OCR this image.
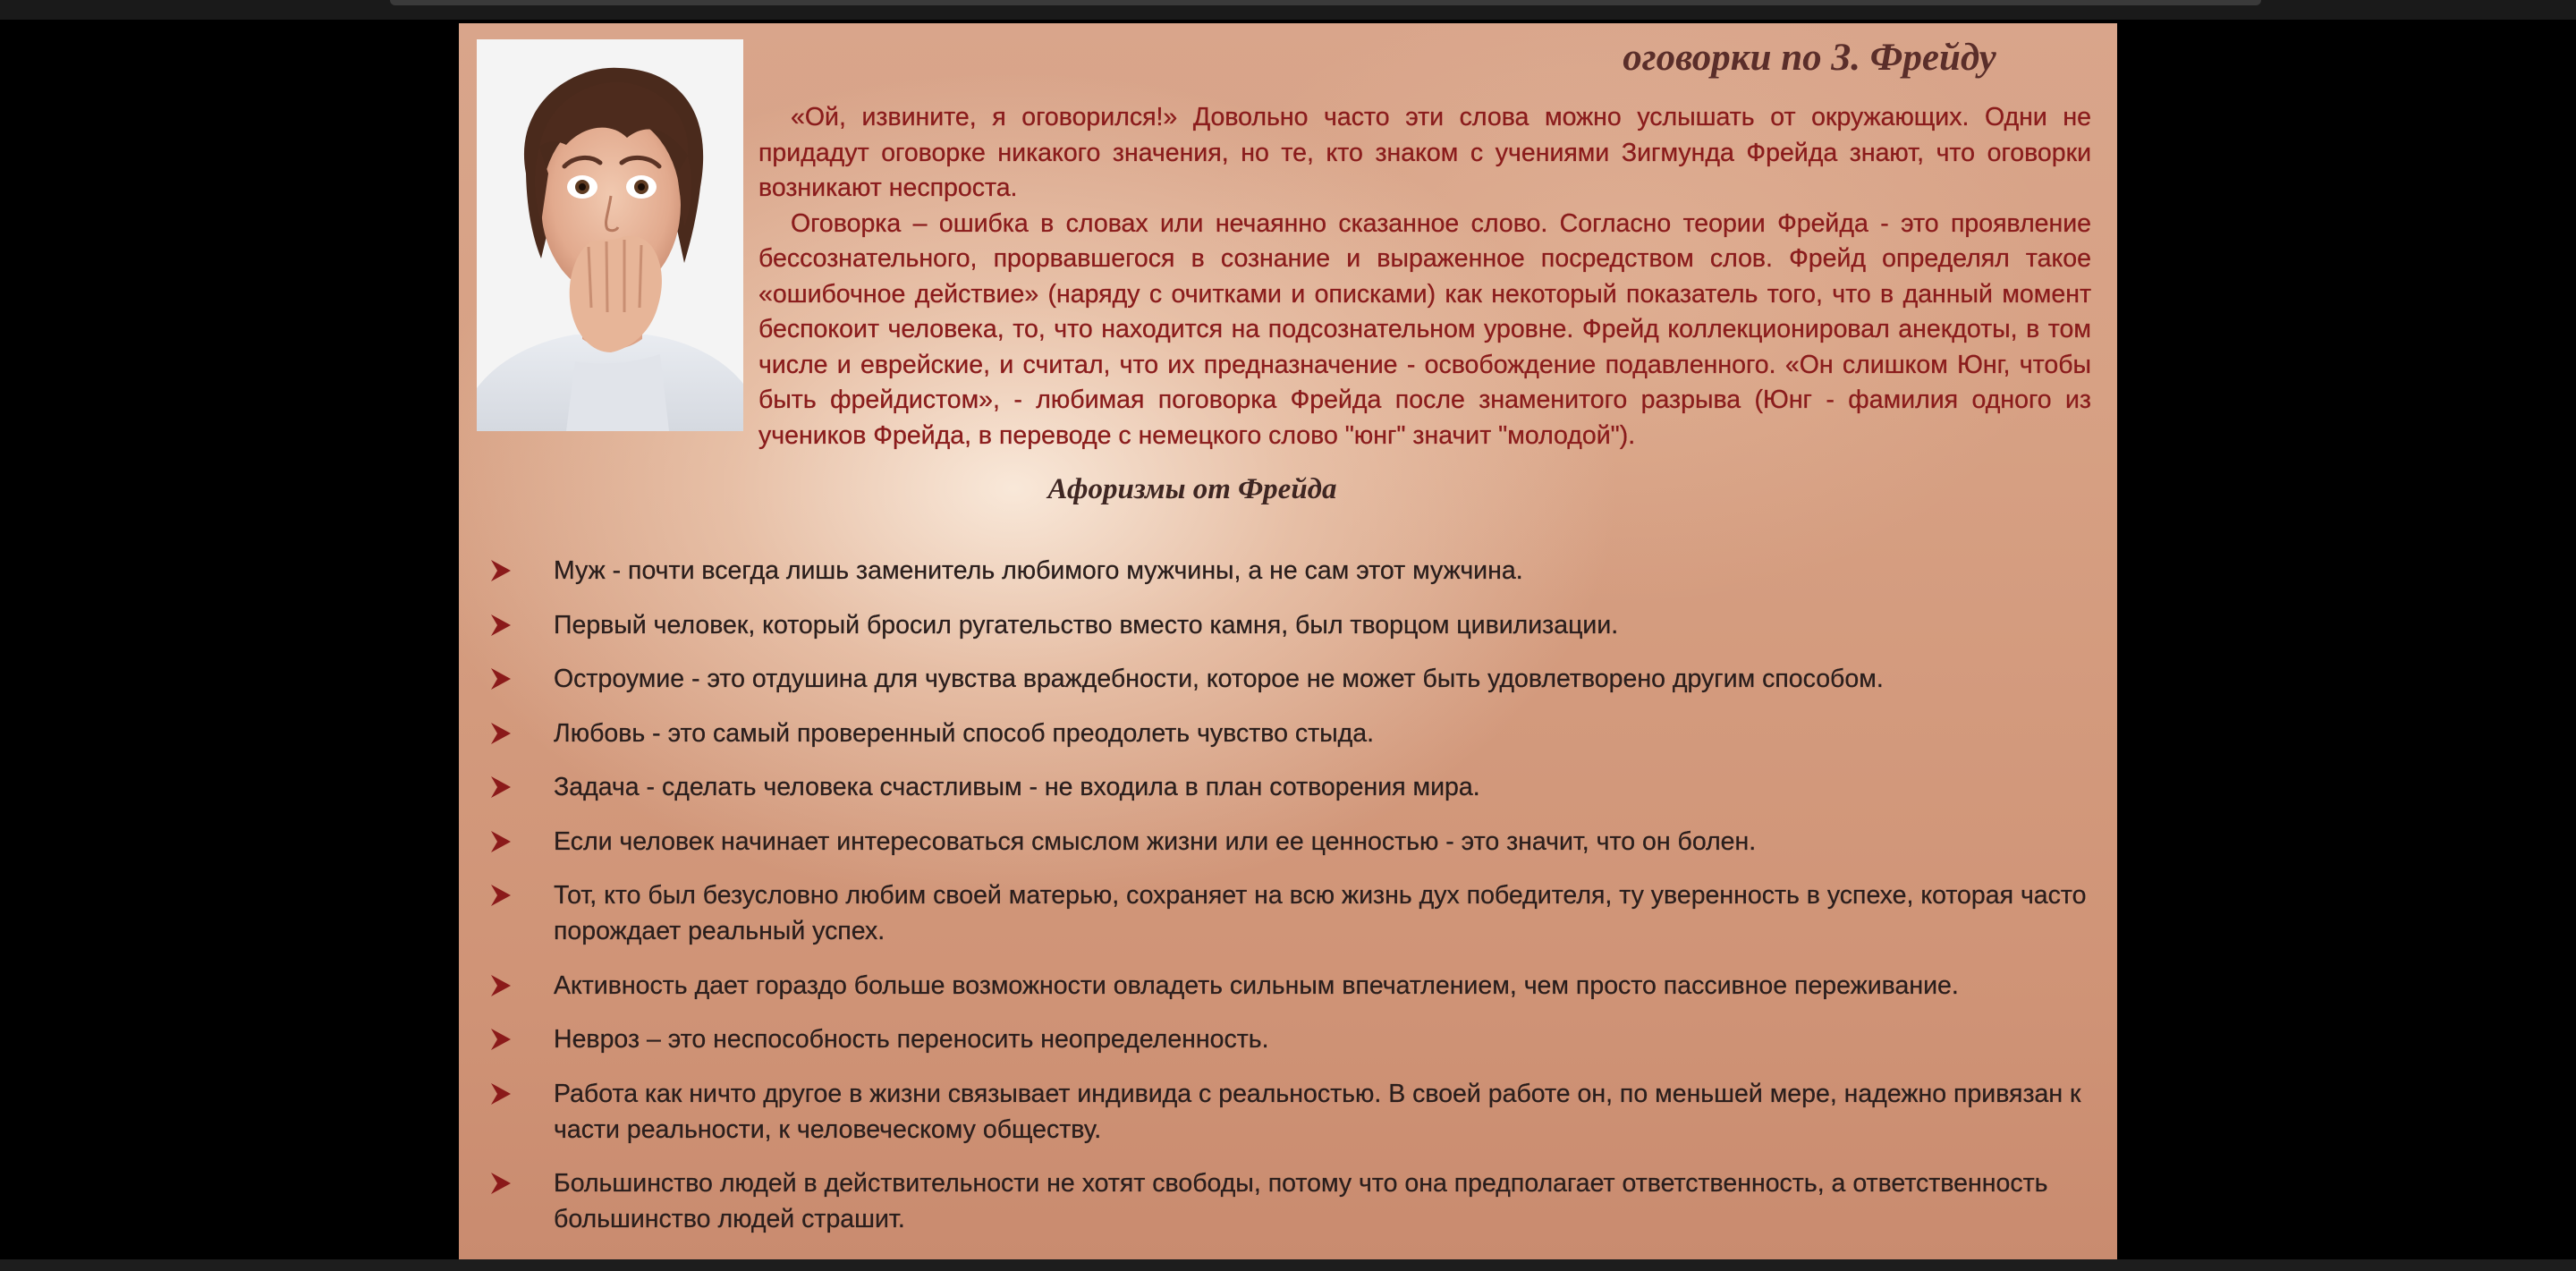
оговорки по З. Фрейду

«Ой, извините, я оговорился!» Довольно часто эти слова можно услышать от окружающих. Одни не придадут оговорке никакого значения, но те, кто знаком с учениями Зигмунда Фрейда знают, что оговорки возникают неспроста.

Оговорка – ошибка в словах или нечаянно сказанное слово. Согласно теории Фрейда - это проявление бессознательного, прорвавшегося в сознание и выраженное посредством слов. Фрейд определял такое «ошибочное действие» (наряду с очитками и описками) как некоторый показатель того, что в данный момент беспокоит человека, то, что находится на подсознательном уровне. Фрейд коллекционировал анекдоты, в том числе и еврейские, и считал, что их предназначение - освобождение подавленного. «Он слишком Юнг, чтобы быть фрейдистом», - любимая поговорка Фрейда после знаменитого разрыва (Юнг - фамилия одного из учеников Фрейда, в переводе с немецкого слово "юнг" значит "молодой").

Афоризмы от Фрейда
Муж - почти всегда лишь заменитель любимого мужчины, а не сам этот мужчина.
Первый человек, который бросил ругательство вместо камня, был творцом цивилизации.
Остроумие - это отдушина для чувства враждебности, которое не может быть удовлетворено другим способом.
Любовь - это самый проверенный способ преодолеть чувство стыда.
Задача - сделать человека счастливым - не входила в план сотворения мира.
Если человек начинает интересоваться смыслом жизни или ее ценностью - это значит, что он болен.
Тот, кто был безусловно любим своей матерью, сохраняет на всю жизнь дух победителя, ту уверенность в успехе, которая часто порождает реальный успех.
Активность дает гораздо больше возможности овладеть сильным впечатлением, чем просто пассивное переживание.
Невроз – это неспособность переносить неопределенность.
Работа как ничто другое в жизни связывает индивида с реальностью. В своей работе он, по меньшей мере, надежно привязан к части реальности, к человеческому обществу.
Большинство людей в действительности не хотят свободы, потому что она предполагает ответственность, а ответственность большинство людей страшит.
